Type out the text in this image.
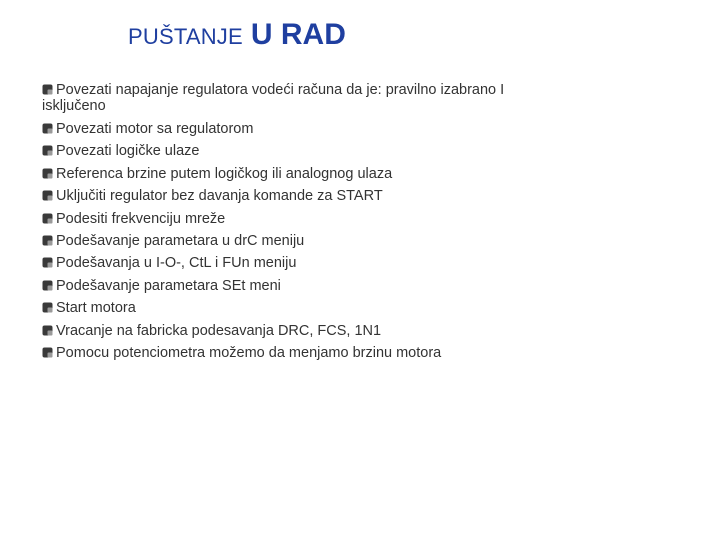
PUŠTANJE U RAD
Povezati napajanje regulatora vodeći računa da je: pravilno izabrano I isključeno
Povezati motor sa regulatorom
Povezati logičke ulaze
Referenca brzine putem logičkog ili analognog ulaza
Uključiti regulator bez davanja komande za START
Podesiti frekvenciju mreže
Podešavanje parametara u drC meniju
Podešavanja u I-O-, CtL i FUn meniju
Podešavanje parametara SEt meni
Start motora
Vracanje na fabricka podesavanja DRC, FCS, 1N1
Pomocu potenciometra možemo da menjamo brzinu motora
